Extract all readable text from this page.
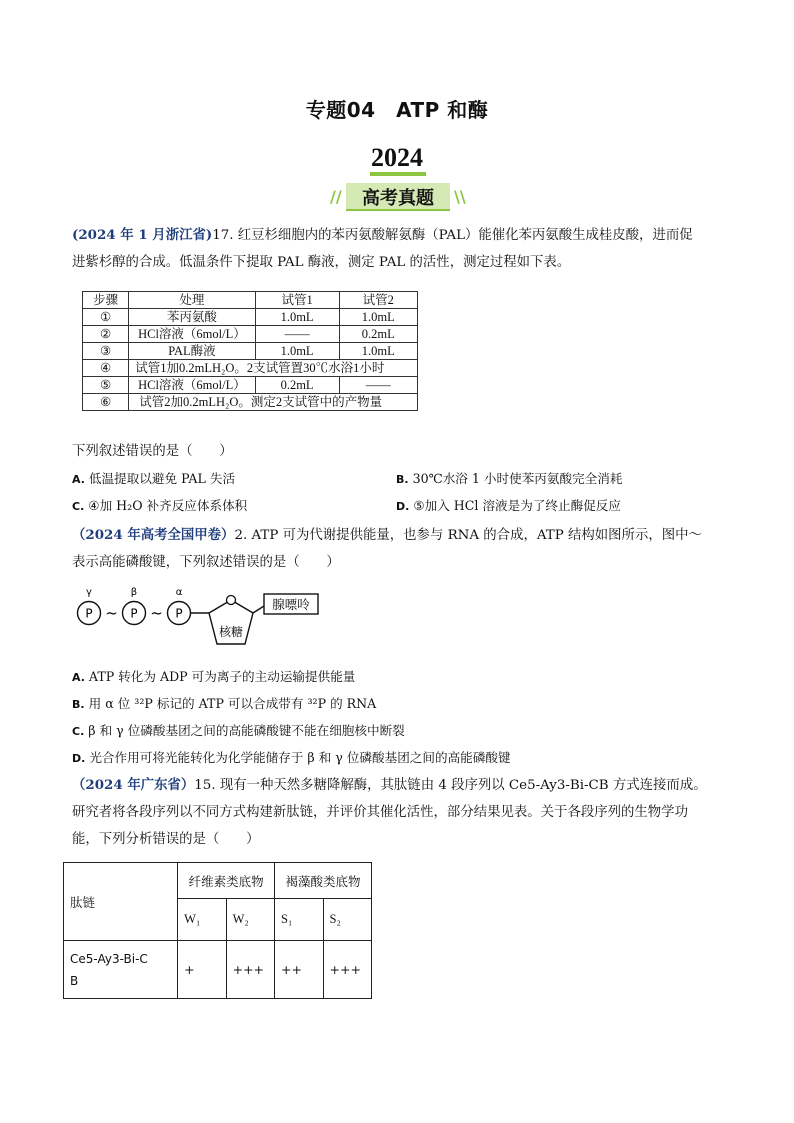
专题04　ATP 和酶
2024
//	高考真题	\\
(2024 年 1 月浙江省)17. 红豆杉细胞内的苯丙氨酸解氨酶（PAL）能催化苯丙氨酸生成桂皮酸，进而促
进紫杉醇的合成。低温条件下提取 PAL 酶液，测定 PAL 的活性，测定过程如下表。
步骤	处理	试管1	试管2
①	苯丙氨酸	1.0mL	1.0mL
②	HCl溶液（6mol/L）	——	0.2mL
③	PAL酶液	1.0mL	1.0mL
④	试管1加0.2mLH₂O。2支试管置30℃水浴1小时		
⑤	HCl溶液（6mol/L）	0.2mL	——
⑥	试管2加0.2mLH₂O。测定2支试管中的产物量		
下列叙述错误的是（　　）
A. 低温提取以避免 PAL 失活	B. 30℃水浴 1 小时使苯丙氨酸完全消耗
C. ④加 H₂O 补齐反应体系体积	D. ⑤加入 HCl 溶液是为了终止酶促反应
（2024 年高考全国甲卷）2. ATP 可为代谢提供能量，也参与 RNA 的合成，ATP 结构如图所示，图中～
表示高能磷酸键，下列叙述错误的是（　　）
γ	β	α
P ~ P ~ P
核糖
腺嘌呤
A. ATP 转化为 ADP 可为离子的主动运输提供能量
B. 用 α 位 ³²P 标记的 ATP 可以合成带有 ³²P 的 RNA
C. β 和 γ 位磷酸基团之间的高能磷酸键不能在细胞核中断裂
D. 光合作用可将光能转化为化学能储存于 β 和 γ 位磷酸基团之间的高能磷酸键
（2024 年广东省）15. 现有一种天然多糖降解酶，其肽链由 4 段序列以 Ce5-Ay3-Bi-CB 方式连接而成。
研究者将各段序列以不同方式构建新肽链，并评价其催化活性，部分结果见表。关于各段序列的生物学功
能，下列分析错误的是（　　）
肽链	纤维素类底物		褐藻酸类底物	
	W₁	W₂	S₁	S₂

Ce5-Ay3-Bi-C
B	+	+++	++	+++
